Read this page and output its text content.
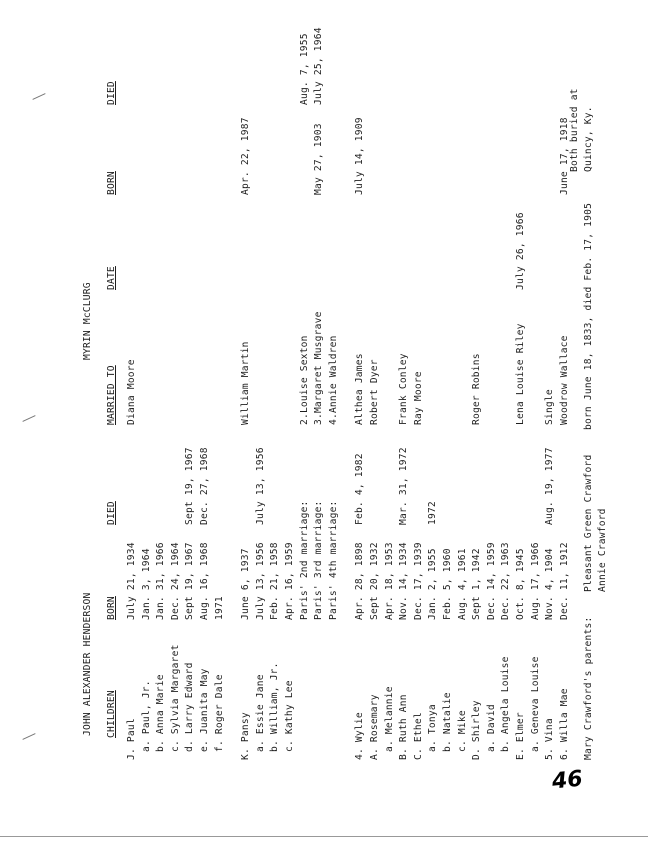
JOHN ALEXANDER HENDERSON
MYRIN McCLURG
J. Paul
July 21, 1934
Diana Moore
a. Paul, Jr.
Jan. 3, 1964
b. Anna Marie
Jan. 31, 1966
c. Sylvia Margaret
Dec. 24, 1964
d. Larry Edward
Sept 19, 1967
Sept 19, 1967
e. Juanita May
Aug. 16, 1968
Dec. 27, 1968
f. Roger Dale
1971
K. Pansy
June 6, 1937
William Martin
Apr. 22, 1987
a. Essie Jane
July 13, 1956
July 13, 1956
b. William, Jr.
Feb. 21, 1958
c. Kathy Lee
Apr. 16, 1959 Paris' 2nd marriage:
2.Louise Sexton
Aug. 7, 1955
Paris' 3rd marriage:
3.Margaret Musgrave
May 27, 1903
July 25, 1964
Paris' 4th marriage:
4.Annie Waldren
4. Wylie
Apr. 28, 1898
Feb. 4, 1982
Althea James
July 14, 1909
A. Rosemary
Sept 20, 1932
Robert Dyer
a. Melannie
Apr. 18, 1953
B. Ruth Ann
Nov. 14, 1934
Mar. 31, 1972
Frank Conley
C. Ethel
Dec. 17, 1939
Ray Moore
a. Tonya
Jan. 2, 1955
1972
b. Natalie
Feb. 5, 1960
c. Mike
Aug. 4, 1961
D. Shirley
Sept 1, 1942
Roger Robins
a. David
Dec. 14, 1959
b. Angela Louise
Dec. 22, 1963
E. Elmer
Oct. 8, 1945
Lena Louise Riley
July 26, 1966
a. Geneva Louise
Aug. 17, 1966
5. Vina
Nov. 4, 1904
Aug. 19, 1977
Single
6. Willa Mae
Dec. 11, 1912
Woodrow Wallace
June 17, 1918
Mary Crawford's parents:
Pleasant Green Crawford
born June 18, 1833, died Feb. 17, 1905
Annie Crawford
Both buried at Quincy, Ky.
CHILDREN
BORN
DIED
MARRIED TO
DATE
BORN
DIED
46
